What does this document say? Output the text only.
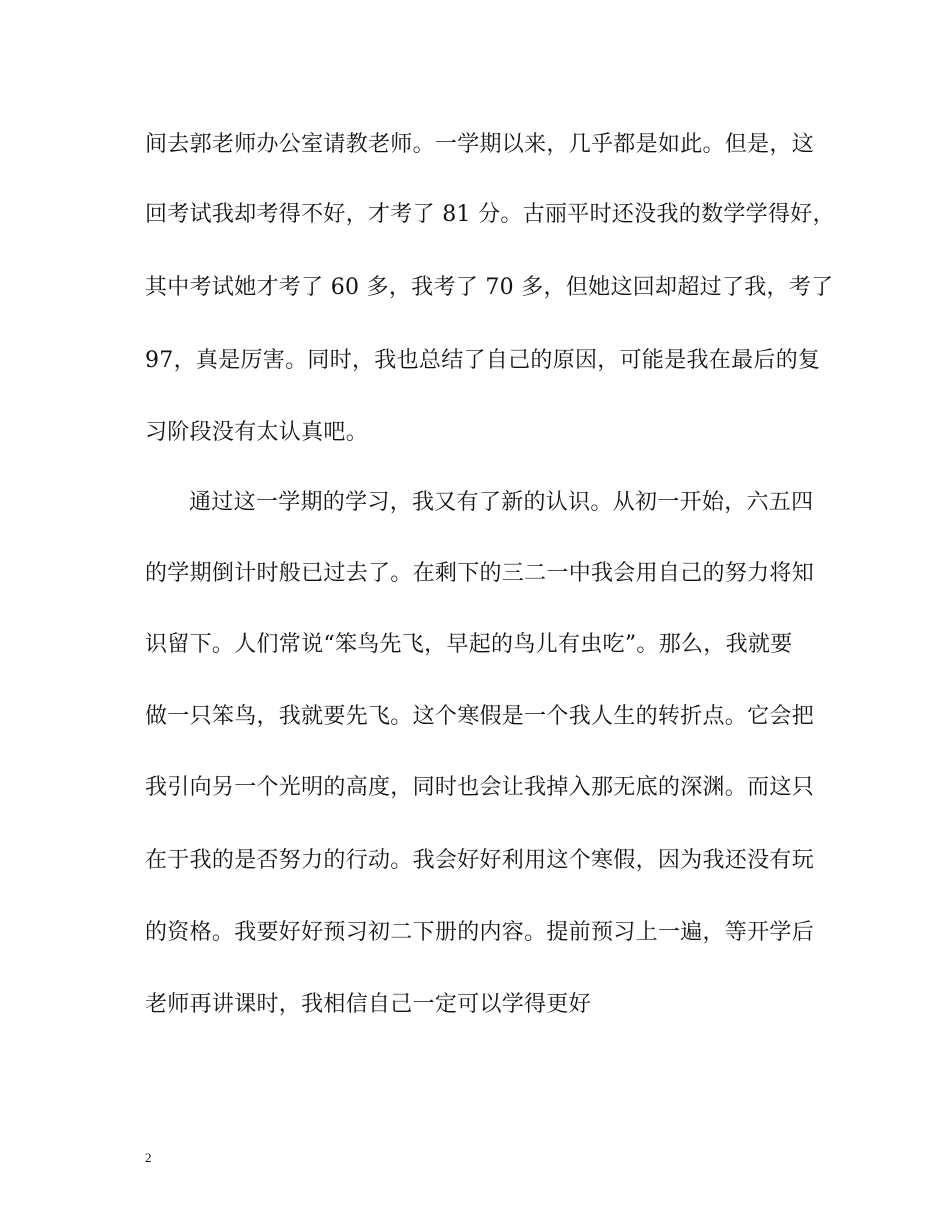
间去郭老师办公室请教老师。一学期以来，几乎都是如此。但是，这
回考试我却考得不好，才考了 81 分。古丽平时还没我的数学学得好，
其中考试她才考了 60 多，我考了 70 多，但她这回却超过了我，考了
97，真是厉害。同时，我也总结了自己的原因，可能是我在最后的复
习阶段没有太认真吧。
通过这一学期的学习，我又有了新的认识。从初一开始，六五四
的学期倒计时般已过去了。在剩下的三二一中我会用自己的努力将知
识留下。人们常说“笨鸟先飞，早起的鸟儿有虫吃”。那么，我就要
做一只笨鸟，我就要先飞。这个寒假是一个我人生的转折点。它会把
我引向另一个光明的高度，同时也会让我掉入那无底的深渊。而这只
在于我的是否努力的行动。我会好好利用这个寒假，因为我还没有玩
的资格。我要好好预习初二下册的内容。提前预习上一遍，等开学后
老师再讲课时，我相信自己一定可以学得更好
2
